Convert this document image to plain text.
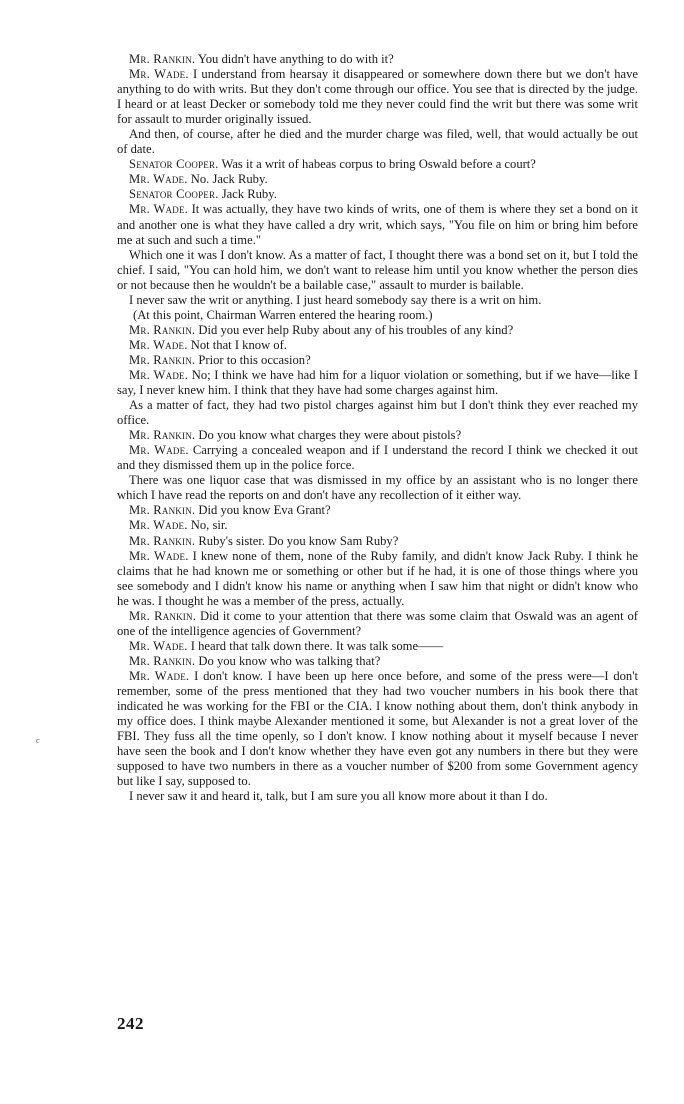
Mr. Rankin. You didn't have anything to do with it?

Mr. Wade. I understand from hearsay it disappeared or somewhere down there but we don't have anything to do with writs. But they don't come through our office. You see that is directed by the judge. I heard or at least Decker or somebody told me they never could find the writ but there was some writ for assault to murder originally issued.

And then, of course, after he died and the murder charge was filed, well, that would actually be out of date.

Senator Cooper. Was it a writ of habeas corpus to bring Oswald before a court?

Mr. Wade. No. Jack Ruby.

Senator Cooper. Jack Ruby.

Mr. Wade. It was actually, they have two kinds of writs, one of them is where they set a bond on it and another one is what they have called a dry writ, which says, "You file on him or bring him before me at such and such a time."

Which one it was I don't know. As a matter of fact, I thought there was a bond set on it, but I told the chief. I said, "You can hold him, we don't want to release him until you know whether the person dies or not because then he wouldn't be a bailable case," assault to murder is bailable.

I never saw the writ or anything. I just heard somebody say there is a writ on him.

(At this point, Chairman Warren entered the hearing room.)

Mr. Rankin. Did you ever help Ruby about any of his troubles of any kind?

Mr. Wade. Not that I know of.

Mr. Rankin. Prior to this occasion?

Mr. Wade. No; I think we have had him for a liquor violation or something, but if we have—like I say, I never knew him. I think that they have had some charges against him.

As a matter of fact, they had two pistol charges against him but I don't think they ever reached my office.

Mr. Rankin. Do you know what charges they were about pistols?

Mr. Wade. Carrying a concealed weapon and if I understand the record I think we checked it out and they dismissed them up in the police force.

There was one liquor case that was dismissed in my office by an assistant who is no longer there which I have read the reports on and don't have any recollection of it either way.

Mr. Rankin. Did you know Eva Grant?

Mr. Wade. No, sir.

Mr. Rankin. Ruby's sister. Do you know Sam Ruby?

Mr. Wade. I knew none of them, none of the Ruby family, and didn't know Jack Ruby. I think he claims that he had known me or something or other but if he had, it is one of those things where you see somebody and I didn't know his name or anything when I saw him that night or didn't know who he was. I thought he was a member of the press, actually.

Mr. Rankin. Did it come to your attention that there was some claim that Oswald was an agent of one of the intelligence agencies of Government?

Mr. Wade. I heard that talk down there. It was talk some——

Mr. Rankin. Do you know who was talking that?

Mr. Wade. I don't know. I have been up here once before, and some of the press were—I don't remember, some of the press mentioned that they had two voucher numbers in his book there that indicated he was working for the FBI or the CIA. I know nothing about them, don't think anybody in my office does. I think maybe Alexander mentioned it some, but Alexander is not a great lover of the FBI. They fuss all the time openly, so I don't know. I know nothing about it myself because I never have seen the book and I don't know whether they have even got any numbers in there but they were supposed to have two numbers in there as a voucher number of $200 from some Government agency but like I say, supposed to.

I never saw it and heard it, talk, but I am sure you all know more about it than I do.

c
242
